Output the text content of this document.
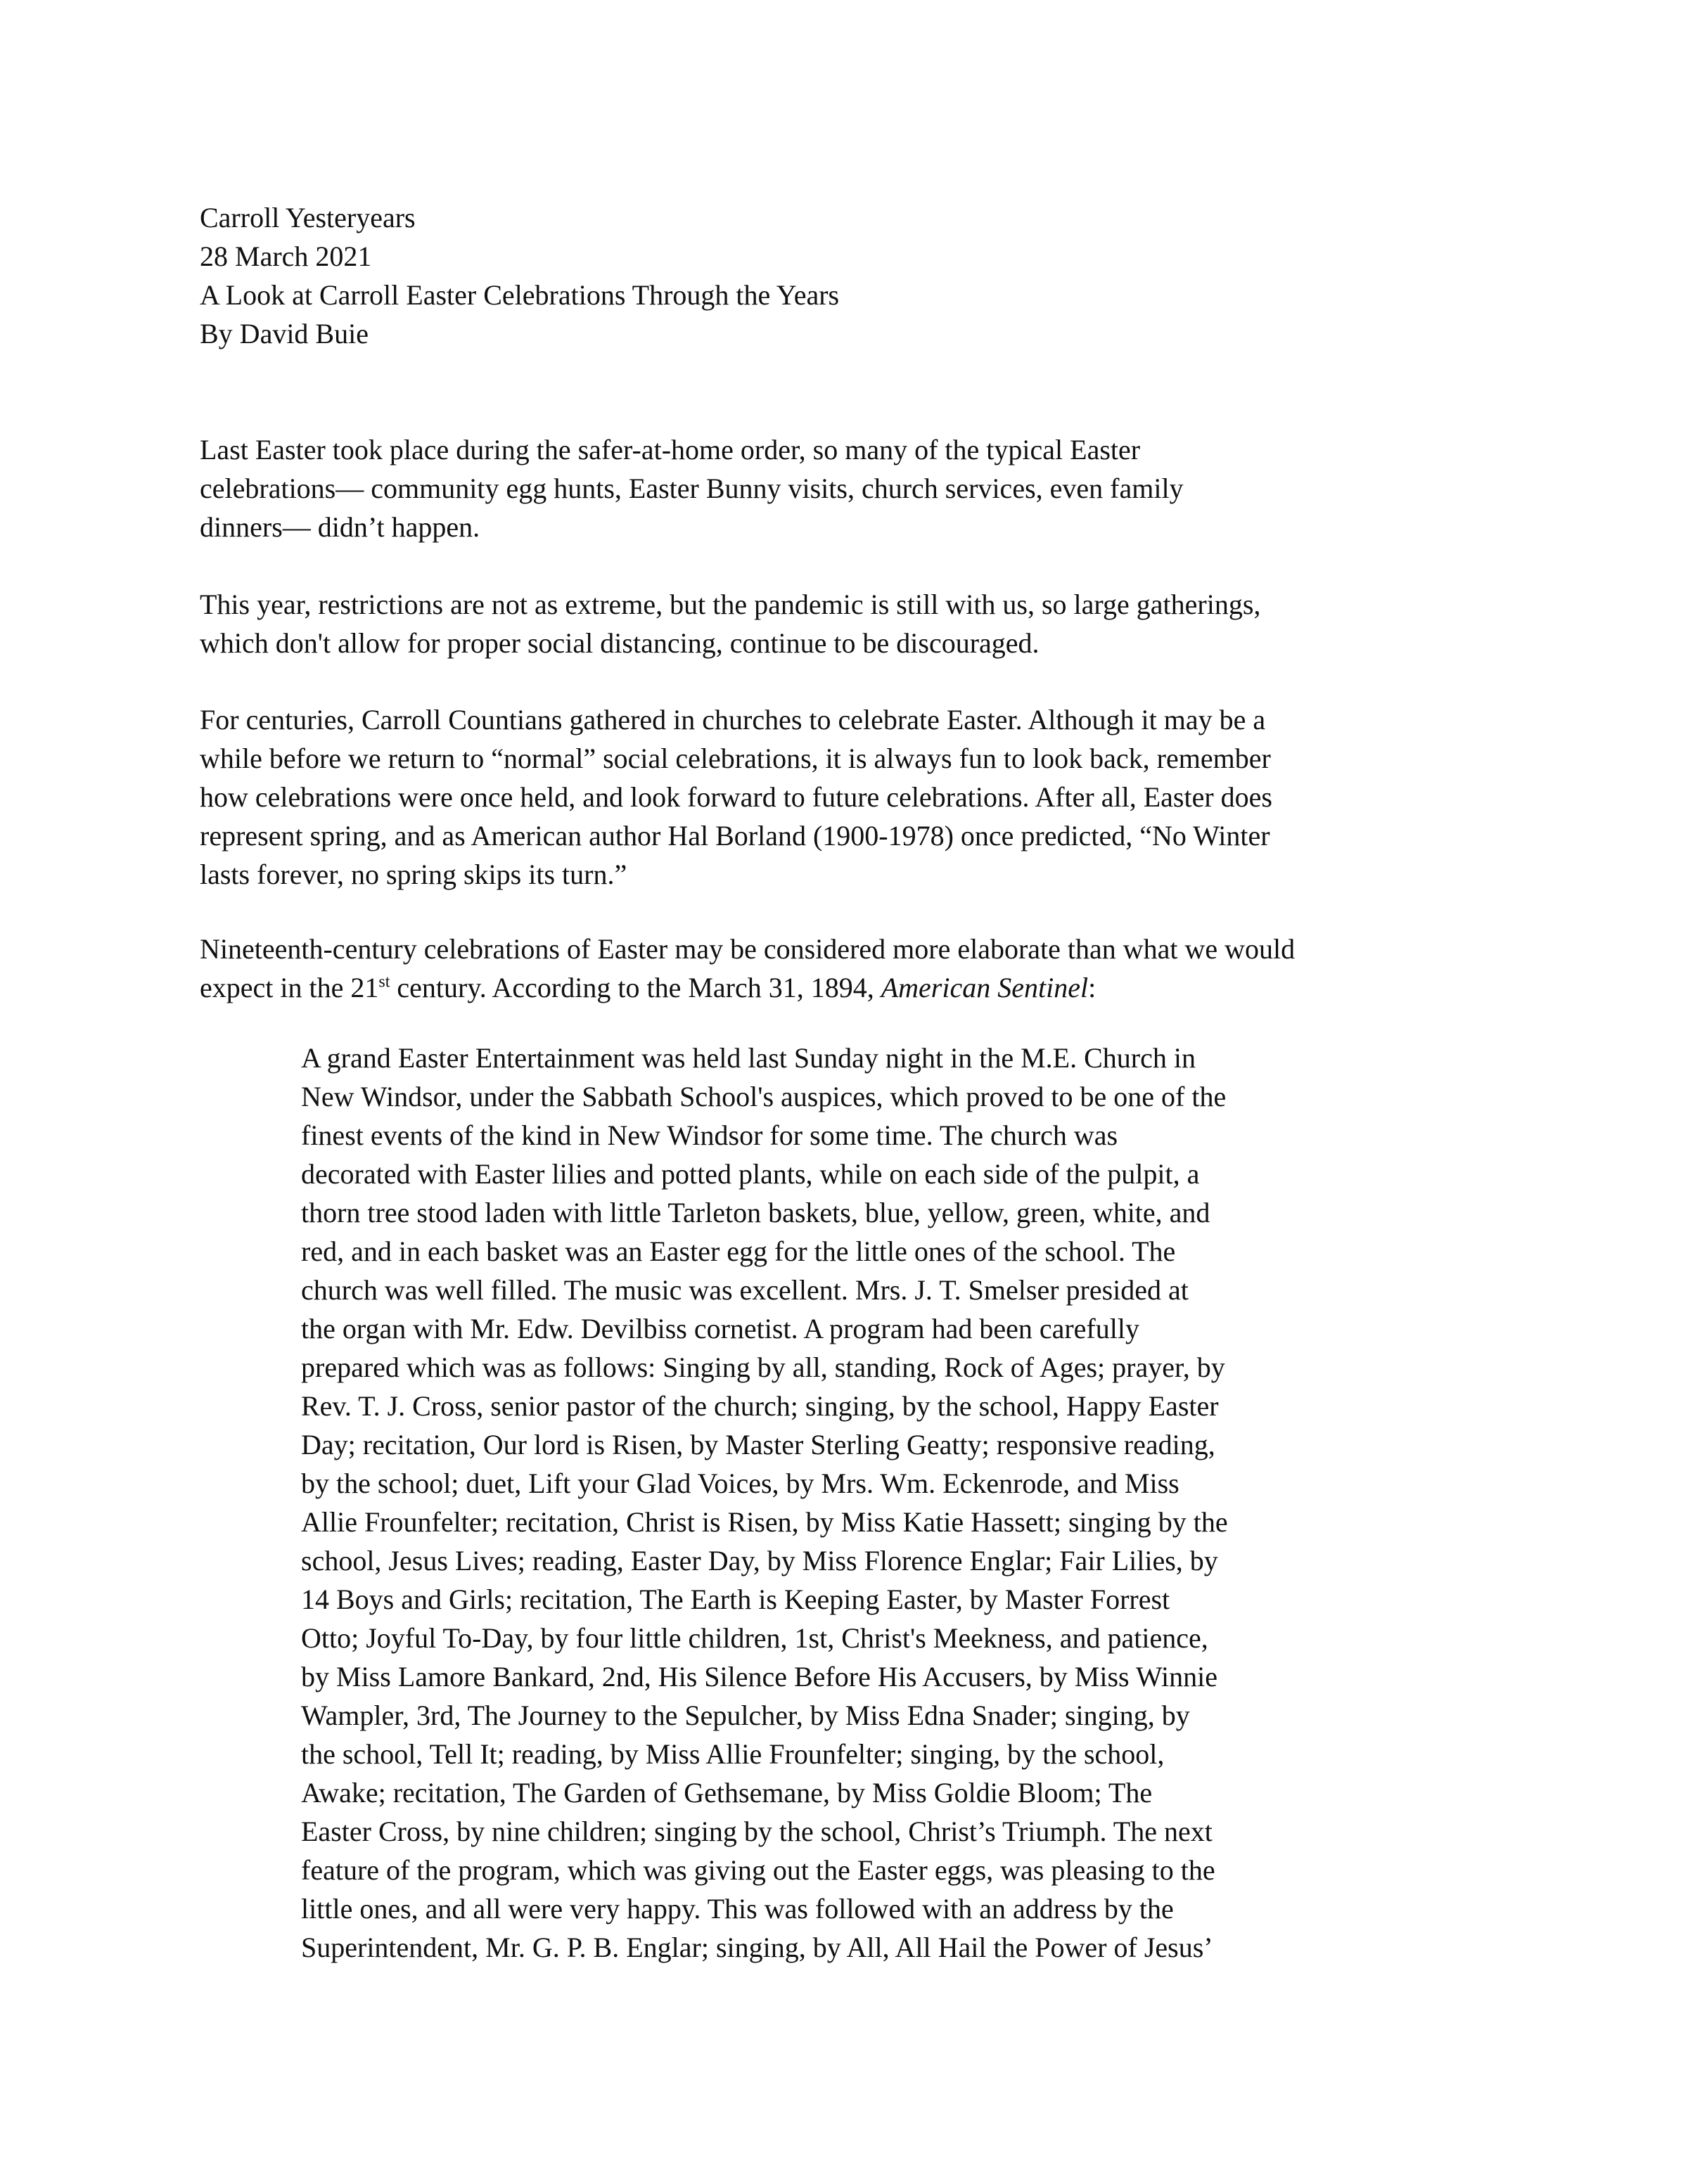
Carroll Yesteryears
28 March 2021
A Look at Carroll Easter Celebrations Through the Years
By David Buie
Last Easter took place during the safer-at-home order, so many of the typical Easter
celebrations— community egg hunts, Easter Bunny visits, church services, even family
dinners— didn’t happen.
This year, restrictions are not as extreme, but the pandemic is still with us, so large gatherings,
which don't allow for proper social distancing, continue to be discouraged.
For centuries, Carroll Countians gathered in churches to celebrate Easter. Although it may be a
while before we return to “normal” social celebrations, it is always fun to look back, remember
how celebrations were once held, and look forward to future celebrations. After all, Easter does
represent spring, and as American author Hal Borland (1900-1978) once predicted, “No Winter
lasts forever, no spring skips its turn.”
Nineteenth-century celebrations of Easter may be considered more elaborate than what we would
expect in the 21st century. According to the March 31, 1894, American Sentinel:
A grand Easter Entertainment was held last Sunday night in the M.E. Church in
New Windsor, under the Sabbath School's auspices, which proved to be one of the
finest events of the kind in New Windsor for some time. The church was
decorated with Easter lilies and potted plants, while on each side of the pulpit, a
thorn tree stood laden with little Tarleton baskets, blue, yellow, green, white, and
red, and in each basket was an Easter egg for the little ones of the school. The
church was well filled. The music was excellent. Mrs. J. T. Smelser presided at
the organ with Mr. Edw. Devilbiss cornetist. A program had been carefully
prepared which was as follows: Singing by all, standing, Rock of Ages; prayer, by
Rev. T. J. Cross, senior pastor of the church; singing, by the school, Happy Easter
Day; recitation, Our lord is Risen, by Master Sterling Geatty; responsive reading,
by the school; duet, Lift your Glad Voices, by Mrs. Wm. Eckenrode, and Miss
Allie Frounfelter; recitation, Christ is Risen, by Miss Katie Hassett; singing by the
school, Jesus Lives; reading, Easter Day, by Miss Florence Englar; Fair Lilies, by
14 Boys and Girls; recitation, The Earth is Keeping Easter, by Master Forrest
Otto; Joyful To-Day, by four little children, 1st, Christ's Meekness, and patience,
by Miss Lamore Bankard, 2nd, His Silence Before His Accusers, by Miss Winnie
Wampler, 3rd, The Journey to the Sepulcher, by Miss Edna Snader; singing, by
the school, Tell It; reading, by Miss Allie Frounfelter; singing, by the school,
Awake; recitation, The Garden of Gethsemane, by Miss Goldie Bloom; The
Easter Cross, by nine children; singing by the school, Christ’s Triumph. The next
feature of the program, which was giving out the Easter eggs, was pleasing to the
little ones, and all were very happy. This was followed with an address by the
Superintendent, Mr. G. P. B. Englar; singing, by All, All Hail the Power of Jesus’
